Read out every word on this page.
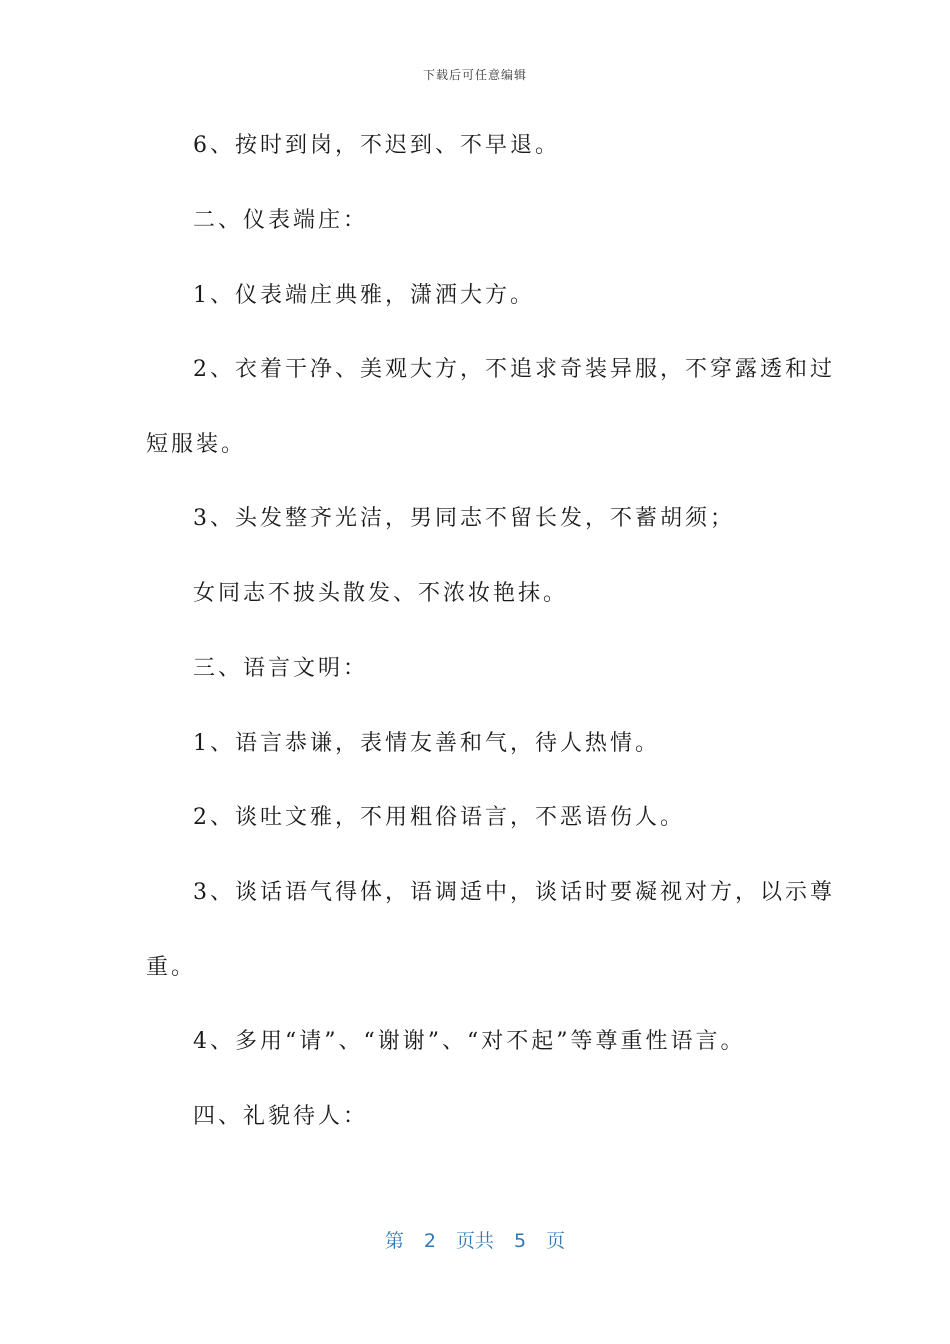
下载后可任意编辑
6、按时到岗，不迟到、不早退。
二、仪表端庄：
1、仪表端庄典雅，潇洒大方。
2、衣着干净、美观大方，不追求奇装异服，不穿露透和过
短服装。
3、头发整齐光洁，男同志不留长发，不蓄胡须；
女同志不披头散发、不浓妆艳抹。
三、语言文明：
1、语言恭谦，表情友善和气，待人热情。
2、谈吐文雅，不用粗俗语言，不恶语伤人。
3、谈话语气得体，语调适中，谈话时要凝视对方，以示尊
重。
4、多用“请”、“谢谢”、“对不起”等尊重性语言。
四、礼貌待人：
第 2 页共 5 页
